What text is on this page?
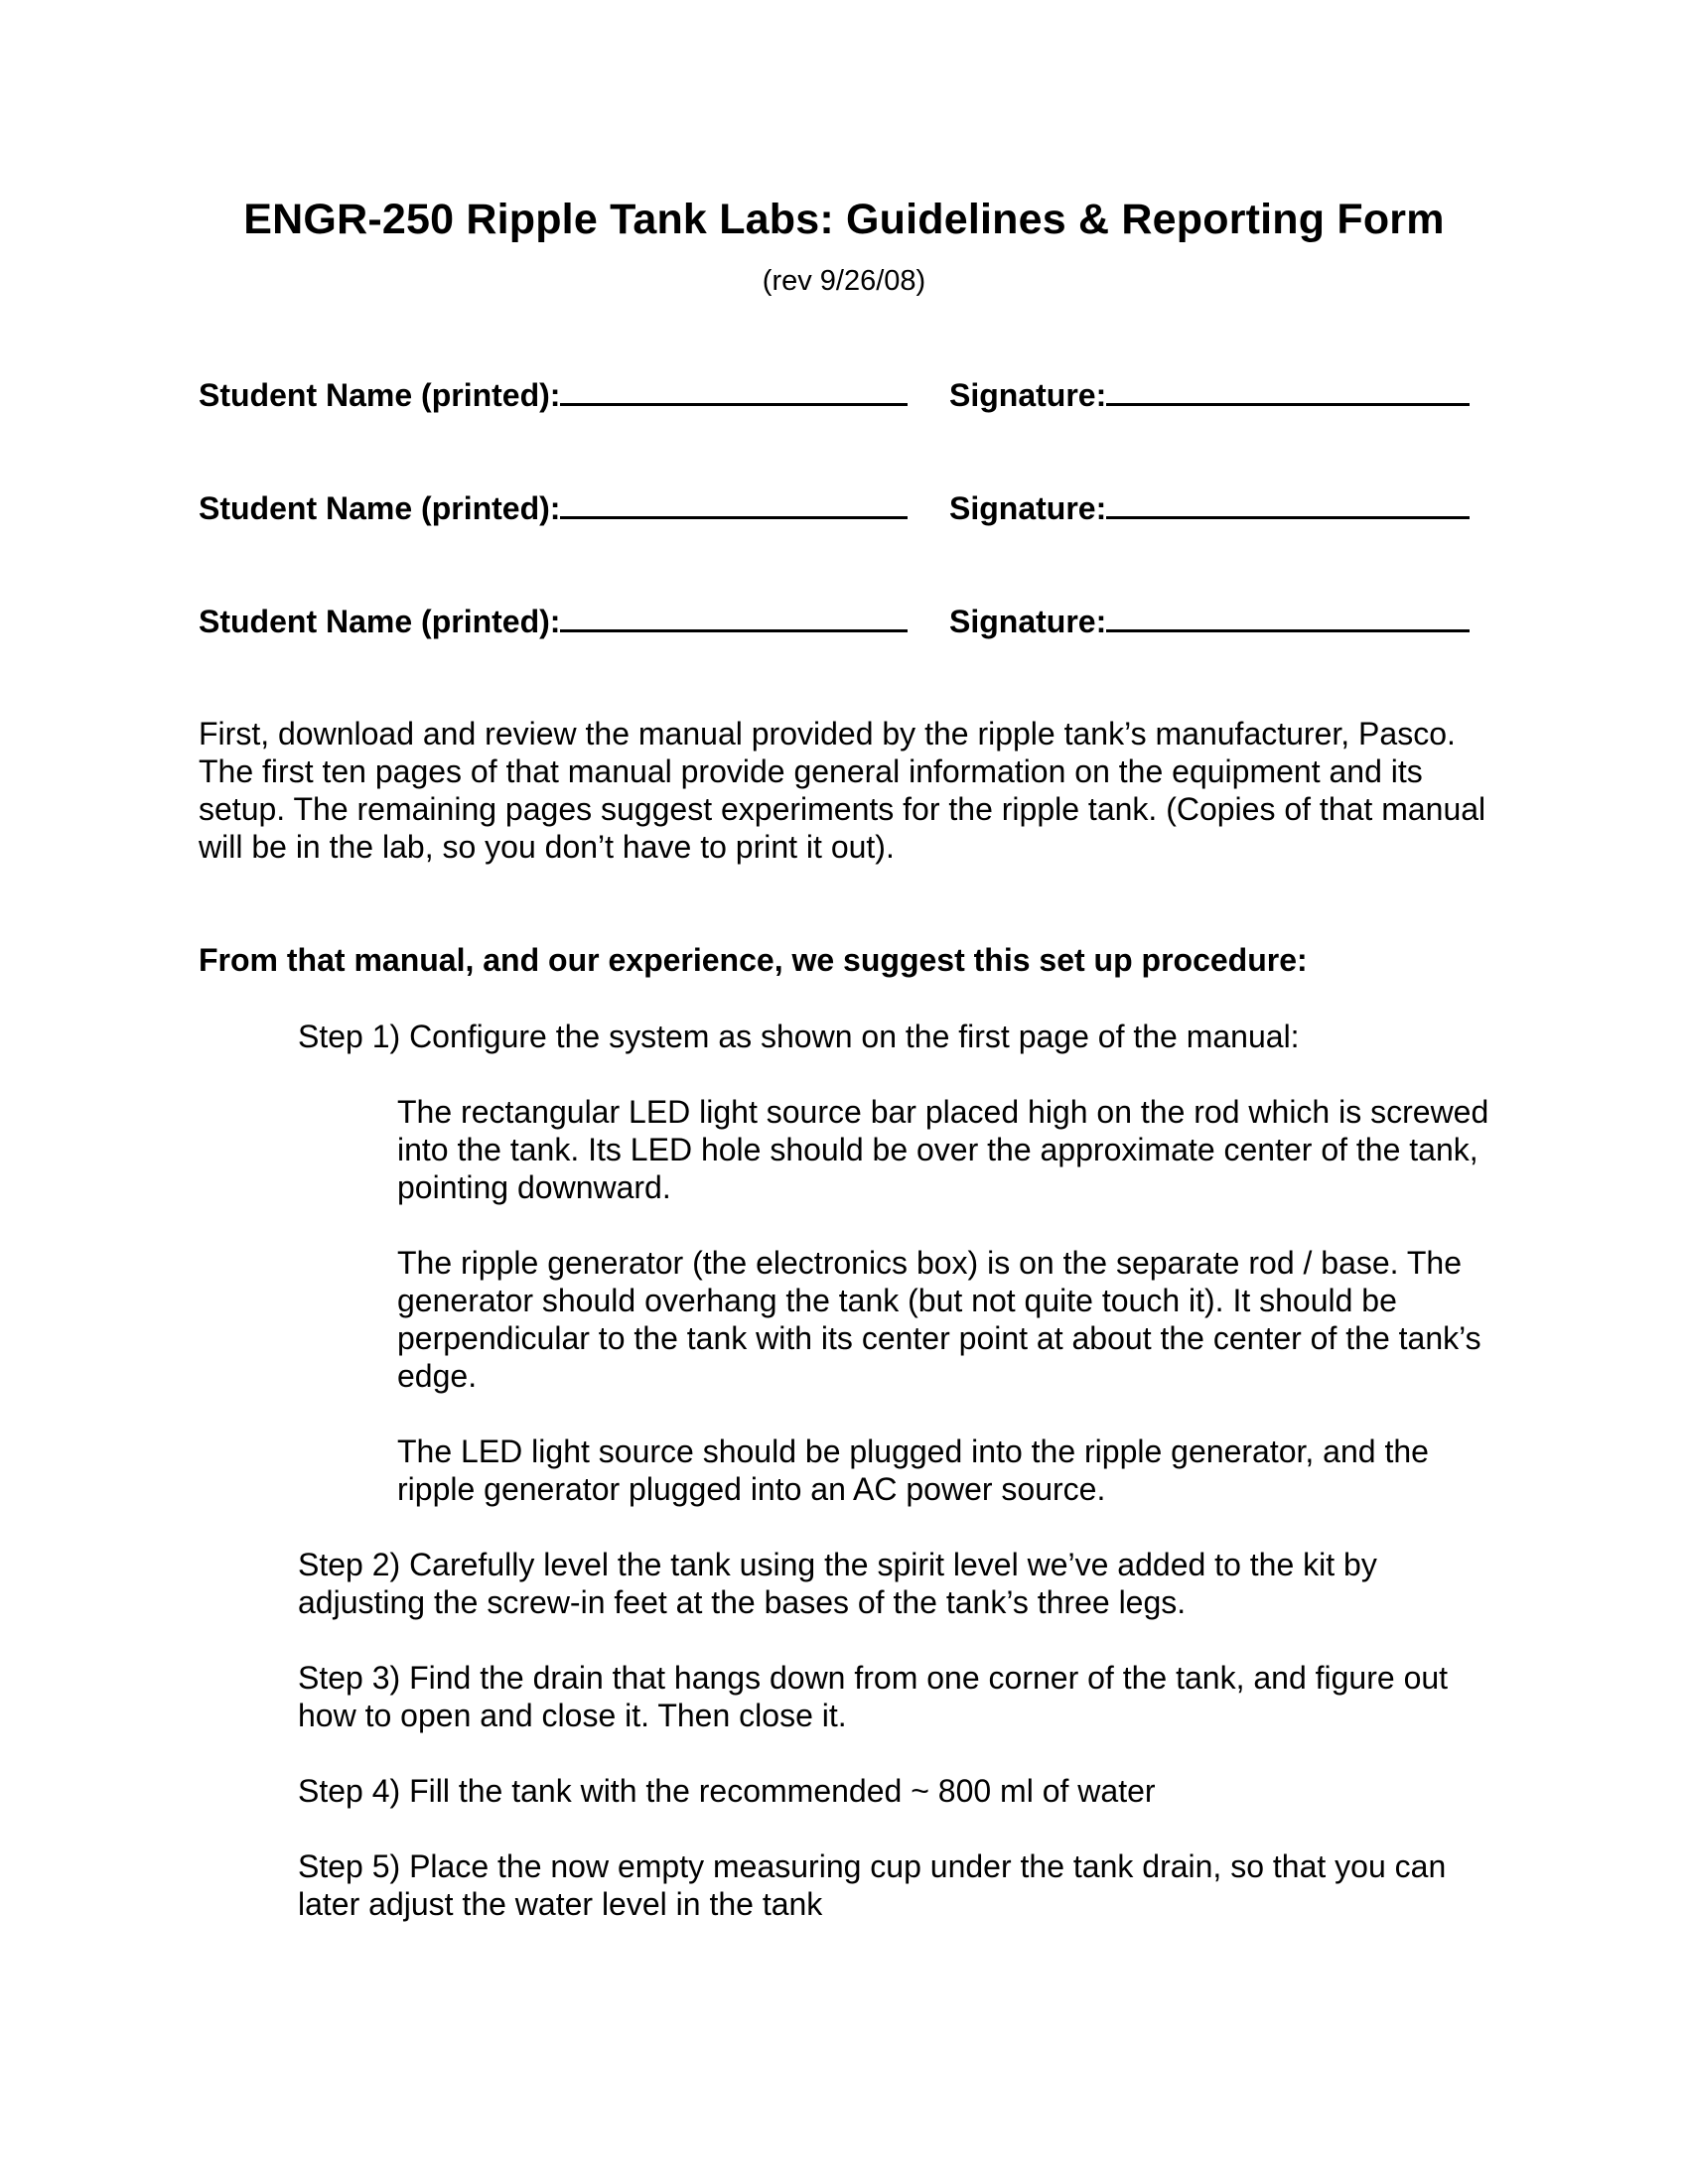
ENGR-250 Ripple Tank Labs: Guidelines & Reporting Form
(rev 9/26/08)
Student Name (printed):	Signature:
Student Name (printed):	Signature:
Student Name (printed):	Signature:
First, download and review the manual provided by the ripple tank’s manufacturer, Pasco. The first ten pages of that manual provide general information on the equipment and its setup. The remaining pages suggest experiments for the ripple tank. (Copies of that manual will be in the lab, so you don’t have to print it out).
From that manual, and our experience, we suggest this set up procedure:
Step 1) Configure the system as shown on the first page of the manual:
The rectangular LED light source bar placed high on the rod which is screwed into the tank. Its LED hole should be over the approximate center of the tank, pointing downward.
The ripple generator (the electronics box) is on the separate rod / base. The generator should overhang the tank (but not quite touch it). It should be perpendicular to the tank with its center point at about the center of the tank’s edge.
The LED light source should be plugged into the ripple generator, and the ripple generator plugged into an AC power source.
Step 2) Carefully level the tank using the spirit level we’ve added to the kit by adjusting the screw-in feet at the bases of the tank’s three legs.
Step 3) Find the drain that hangs down from one corner of the tank, and figure out how to open and close it. Then close it.
Step 4) Fill the tank with the recommended ~ 800 ml of water
Step 5) Place the now empty measuring cup under the tank drain, so that you can later adjust the water level in the tank
